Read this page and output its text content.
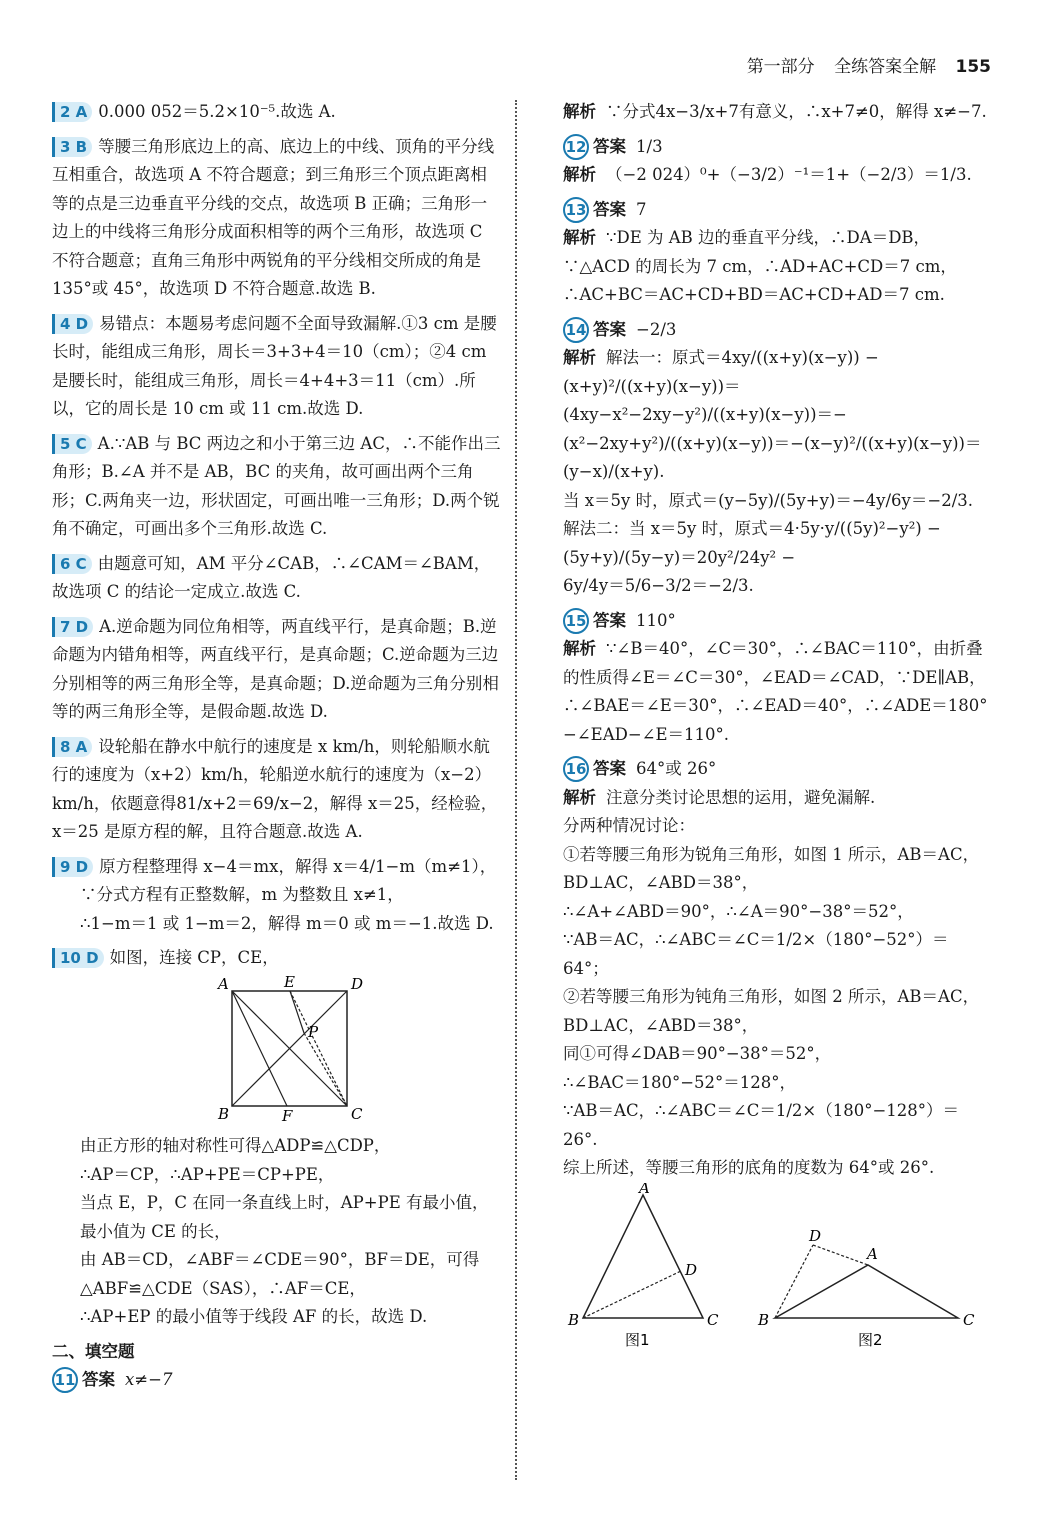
第一部分 全练答案全解 155
2 A 0.000 052＝5.2×10⁻⁵.故选 A.
3 B 等腰三角形底边上的高、底边上的中线、顶角的平分线互相重合，故选项 A 不符合题意；到三角形三个顶点距离相等的点是三边垂直平分线的交点，故选项 B 正确；三角形一边上的中线将三角形分成面积相等的两个三角形，故选项 C 不符合题意；直角三角形中两锐角的平分线相交所成的角是 135°或 45°，故选项 D 不符合题意.故选 B.
4 D 易错点：本题易考虑问题不全面导致漏解.①3 cm 是腰长时，能组成三角形，周长＝3+3+4＝10（cm）；②4 cm 是腰长时，能组成三角形，周长＝4+4+3＝11（cm）.所以，它的周长是 10 cm 或 11 cm.故选 D.
5 C A.∵AB 与 BC 两边之和小于第三边 AC，∴不能作出三角形；B.∠A 并不是 AB，BC 的夹角，故可画出两个三角形；C.两角夹一边，形状固定，可画出唯一三角形；D.两个锐角不确定，可画出多个三角形.故选 C.
6 C 由题意可知，AM 平分∠CAB，∴∠CAM＝∠BAM，故选项 C 的结论一定成立.故选 C.
7 D A.逆命题为同位角相等，两直线平行，是真命题；B.逆命题为内错角相等，两直线平行，是真命题；C.逆命题为三边分别相等的两三角形全等，是真命题；D.逆命题为三角分别相等的两三角形全等，是假命题.故选 D.
8 A 设轮船在静水中航行的速度是 x km/h，则轮船顺水航行的速度为（x+2）km/h，轮船逆水航行的速度为（x−2）km/h，依题意得81/x+2＝69/x−2，解得 x＝25，经检验，x＝25 是原方程的解，且符合题意.故选 A.
9 D 原方程整理得 x−4＝mx，解得 x＝4/1−m（m≠1），
∵分式方程有正整数解，m 为整数且 x≠1，
∴1−m＝1 或 1−m＝2，解得 m＝0 或 m＝−1.故选 D.
10 D 如图，连接 CP，CE，
A	E	D
P
B	F	C
由正方形的轴对称性可得△ADP≌△CDP，
∴AP＝CP，∴AP+PE＝CP+PE，
当点 E，P，C 在同一条直线上时，AP+PE 有最小值，最小值为 CE 的长，
由 AB＝CD，∠ABF＝∠CDE＝90°，BF＝DE，可得△ABF≌△CDE（SAS），∴AF＝CE，
∴AP+EP 的最小值等于线段 AF 的长，故选 D.
二、填空题
11 答案 x≠−7
解析 ∵分式4x−3/x+7有意义，∴x+7≠0，解得 x≠−7.
12 答案 1/3
解析 （−2 024）⁰+（−3/2）⁻¹＝1+（−2/3）＝1/3.
13 答案 7
解析 ∵DE 为 AB 边的垂直平分线，∴DA＝DB，∵△ACD 的周长为 7 cm，∴AD+AC+CD＝7 cm，∴AC+BC＝AC+CD+BD＝AC+CD+AD＝7 cm.
14 答案 −2/3
解析 解法一：原式＝4xy/((x+y)(x−y)) − (x+y)²/((x+y)(x−y))＝
(4xy−x²−2xy−y²)/((x+y)(x−y))＝−(x²−2xy+y²)/((x+y)(x−y))＝−(x−y)²/((x+y)(x−y))＝(y−x)/(x+y).
当 x＝5y 时，原式＝(y−5y)/(5y+y)＝−4y/6y＝−2/3.
解法二：当 x＝5y 时，原式＝4·5y·y/((5y)²−y²) − (5y+y)/(5y−y)＝20y²/24y² −
6y/4y＝5/6−3/2＝−2/3.
15 答案 110°
解析 ∵∠B＝40°，∠C＝30°，∴∠BAC＝110°，由折叠的性质得∠E＝∠C＝30°，∠EAD＝∠CAD，∵DE∥AB，∴∠BAE＝∠E＝30°，∴∠EAD＝40°，∴∠ADE＝180°−∠EAD−∠E＝110°.
16 答案 64°或 26°
解析 注意分类讨论思想的运用，避免漏解.
分两种情况讨论：
①若等腰三角形为锐角三角形，如图 1 所示，AB＝AC，BD⊥AC，∠ABD＝38°，
∴∠A+∠ABD＝90°，∴∠A＝90°−38°＝52°，
∵AB＝AC，∴∠ABC＝∠C＝1/2×（180°−52°）＝64°；
②若等腰三角形为钝角三角形，如图 2 所示，AB＝AC，BD⊥AC，∠ABD＝38°，
同①可得∠DAB＝90°−38°＝52°，
∴∠BAC＝180°−52°＝128°，
∵AB＝AC，∴∠ABC＝∠C＝1/2×（180°−128°）＝26°.
综上所述，等腰三角形的底角的度数为 64°或 26°.
A
B	C
D
图1
D
A
B	C
图2
